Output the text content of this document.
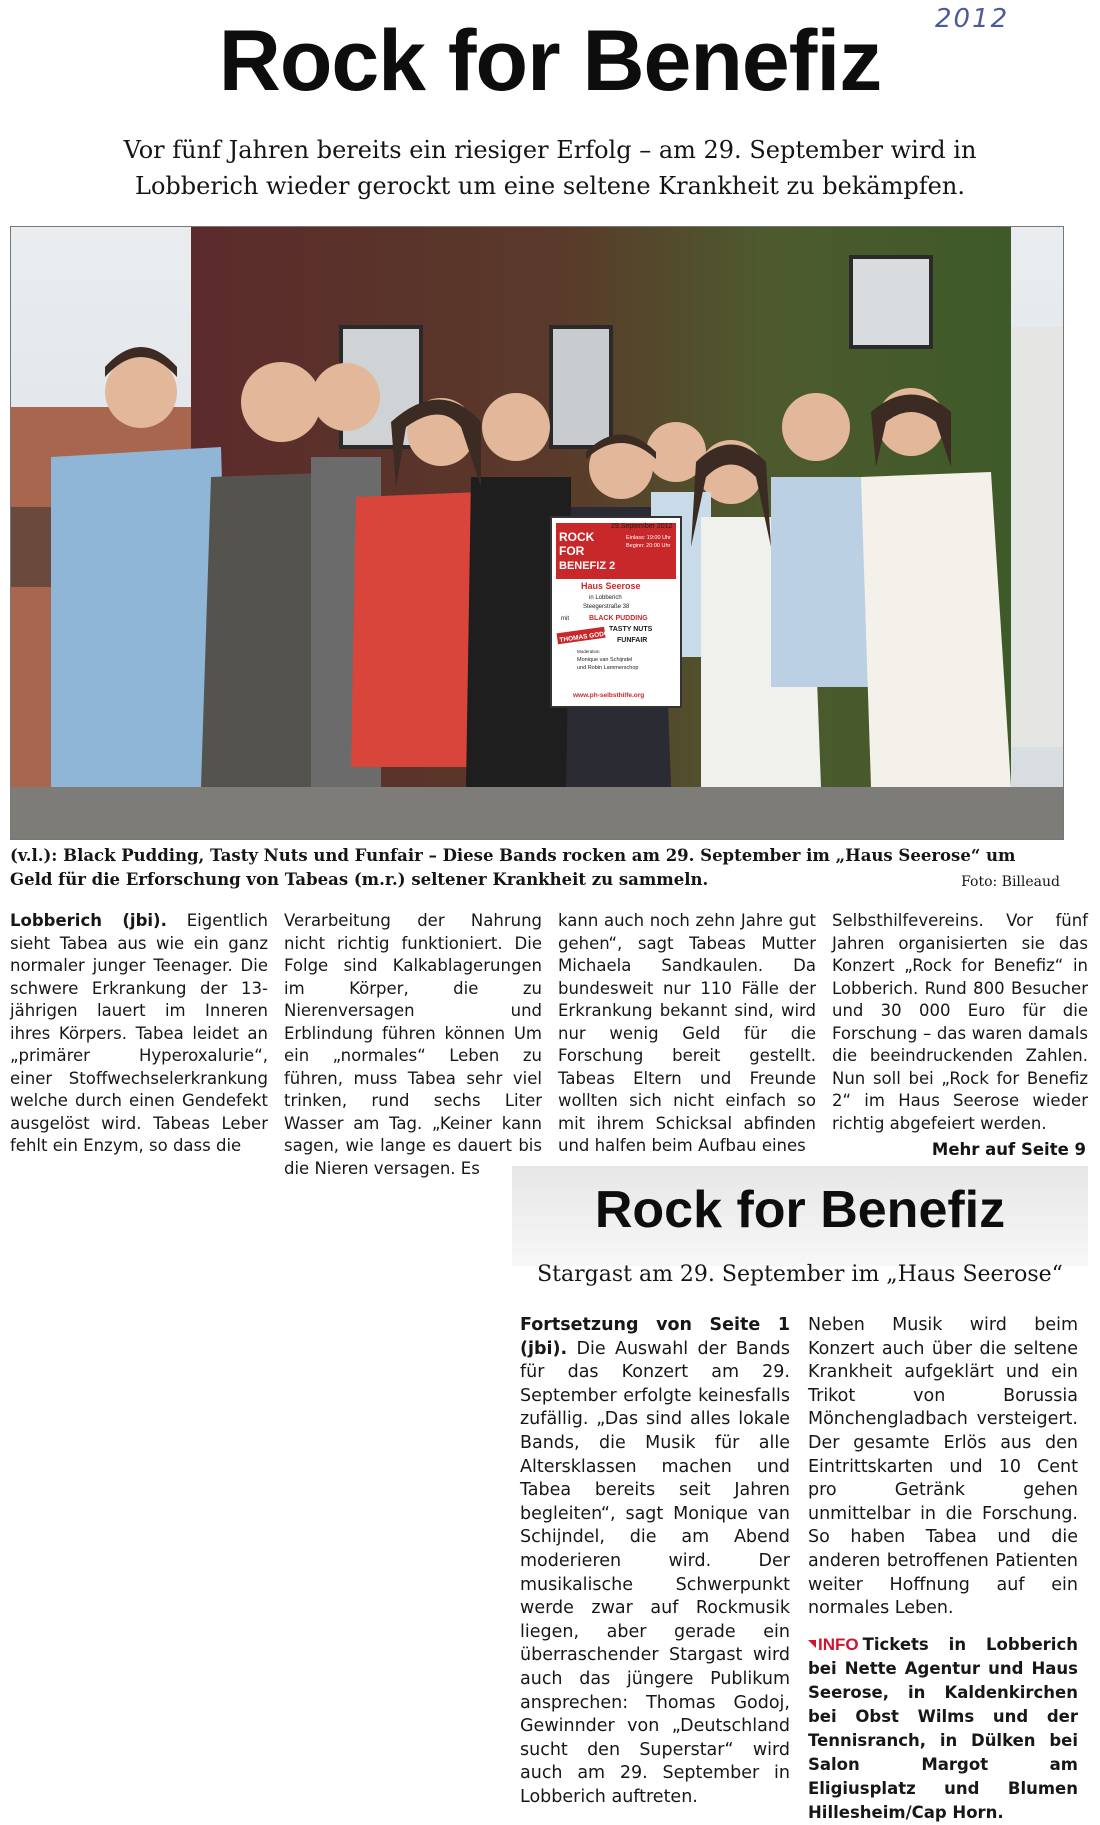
2012
Rock for Benefiz

Vor fünf Jahren bereits ein riesiger Erfolg – am 29. September wird in Lobberich wieder gerockt um eine seltene Krankheit zu bekämpfen.

29.September 2012
ROCK
FOR
BENEFIZ 2
Einlass: 19:00 Uhr
Beginn: 20:00 Uhr
Haus Seerose
in Lobberich
Steegerstraße 38
mit	BLACK PUDDING
TASTY NUTS
FUNFAIR
THOMAS GODOJ
Moderation
Monique van Schijndel
und Robin Lammerschop
www.ph-selbsthilfe.org
(v.l.): Black Pudding, Tasty Nuts und Funfair – Diese Bands rocken am 29. September im „Haus Seerose“ um Geld für die Erforschung von Tabeas (m.r.) seltener Krankheit zu sammeln.	Foto: Billeaud
Lobberich (jbi). Eigentlich sieht Tabea aus wie ein ganz normaler junger Teenager. Die schwere Erkrankung der 13-jährigen lauert im Inneren ihres Körpers. Tabea leidet an „primärer Hyperoxalurie“, einer Stoffwechselerkrankung welche durch einen Gendefekt ausgelöst wird. Tabeas Leber fehlt ein Enzym, so dass die
Verarbeitung der Nahrung nicht richtig funktioniert. Die Folge sind Kalkablagerungen im Körper, die zu Nierenversagen und Erblindung führen können Um ein „normales“ Leben zu führen, muss Tabea sehr viel trinken, rund sechs Liter Wasser am Tag. „Keiner kann sagen, wie lange es dauert bis die Nieren versagen. Es
kann auch noch zehn Jahre gut gehen“, sagt Tabeas Mutter Michaela Sandkaulen. Da bundesweit nur 110 Fälle der Erkrankung bekannt sind, wird nur wenig Geld für die Forschung bereit gestellt. Tabeas Eltern und Freunde wollten sich nicht einfach so mit ihrem Schicksal abfinden und halfen beim Aufbau eines
Selbsthilfevereins. Vor fünf Jahren organisierten sie das Konzert „Rock for Benefiz“ in Lobberich. Rund 800 Besucher und 30 000 Euro für die Forschung – das waren damals die beeindruckenden Zahlen. Nun soll bei „Rock for Benefiz 2“ im Haus Seerose wieder richtig abgefeiert werden.
Mehr auf Seite 9
Rock for Benefiz
Stargast am 29. September im „Haus Seerose“
Fortsetzung von Seite 1 (jbi). Die Auswahl der Bands für das Konzert am 29. September erfolgte keinesfalls zufällig. „Das sind alles lokale Bands, die Musik für alle Altersklassen machen und Tabea bereits seit Jahren begleiten“, sagt Monique van Schijndel, die am Abend moderieren wird. Der musikalische Schwerpunkt werde zwar auf Rockmusik liegen, aber gerade ein überraschender Stargast wird auch das jüngere Publikum ansprechen: Thomas Godoj, Gewinnder von „Deutschland sucht den Superstar“ wird auch am 29. September in Lobberich auftreten.
Neben Musik wird beim Konzert auch über die seltene Krankheit aufgeklärt und ein Trikot von Borussia Mönchengladbach versteigert. Der gesamte Erlös aus den Eintrittskarten und 10 Cent pro Getränk gehen unmittelbar in die Forschung. So haben Tabea und die anderen betroffenen Patienten weiter Hoffnung auf ein normales Leben.
INFO Tickets in Lobberich bei Nette Agentur und Haus Seerose, in Kaldenkirchen bei Obst Wilms und der Tennisranch, in Dülken bei Salon Margot am Eligiusplatz und Blumen Hillesheim/Cap Horn.
